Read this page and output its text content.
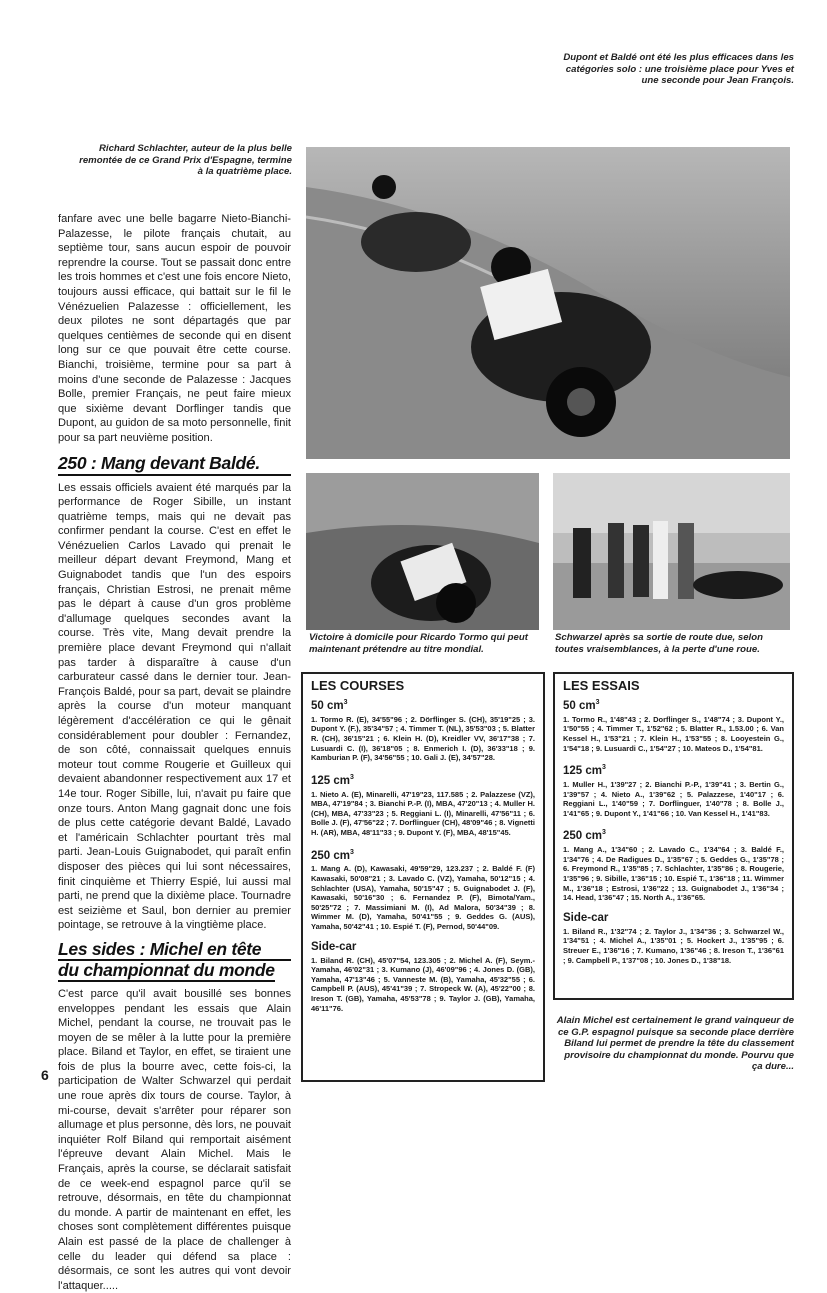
Dupont et Baldé ont été les plus efficaces dans les catégories solo : une troisième place pour Yves et une seconde pour Jean François.
Richard Schlachter, auteur de la plus belle remontée de ce Grand Prix d'Espagne, termine à la quatrième place.
Victoire à domicile pour Ricardo Tormo qui peut maintenant prétendre au titre mondial.
Schwarzel après sa sortie de route due, selon toutes vraisemblances, à la perte d'une roue.

fanfare avec une belle bagarre Nieto-Bianchi-Palazesse, le pilote français chutait, au septième tour, sans aucun espoir de pouvoir reprendre la course. Tout se passait donc entre les trois hommes et c'est une fois encore Nieto, toujours aussi efficace, qui battait sur le fil le Vénézuelien Palazesse : officiellement, les deux pilotes ne sont départagés que par quelques centièmes de seconde qui en disent long sur ce que pouvait être cette course. Bianchi, troisième, termine pour sa part à moins d'une seconde de Palazesse : Jacques Bolle, premier Français, ne peut faire mieux que sixième devant Dorflinger tandis que Dupont, au guidon de sa moto personnelle, finit pour sa part neuvième position.

250 : Mang devant Baldé.

Les essais officiels avaient été marqués par la performance de Roger Sibille, un instant quatrième temps, mais qui ne devait pas confirmer pendant la course. C'est en effet le Vénézuelien Carlos Lavado qui prenait le meilleur départ devant Freymond, Mang et Guignabodet tandis que l'un des espoirs français, Christian Estrosi, ne prenait même pas le départ à cause d'un gros problème d'allumage quelques secondes avant la course. Très vite, Mang devait prendre la première place devant Freymond qui n'allait pas tarder à disparaître à cause d'un carburateur cassé dans le dernier tour. Jean-François Baldé, pour sa part, devait se plaindre après la course d'un moteur manquant légèrement d'accélération ce qui le gênait considérablement pour doubler : Fernandez, de son côté, connaissait quelques ennuis moteur tout comme Rougerie et Guilleux qui devaient abandonner respectivement aux 17 et 14e tour. Roger Sibille, lui, n'avait pu faire que onze tours. Anton Mang gagnait donc une fois de plus cette catégorie devant Baldé, Lavado et l'américain Schlachter pourtant très mal parti. Jean-Louis Guignabodet, qui paraît enfin disposer des pièces qui lui sont nécessaires, finit cinquième et Thierry Espié, lui aussi mal parti, ne prend que la dixième place. Tournadre est seizième et Saul, bon dernier au premier pointage, se retrouve à la vingtième place.

Les sides : Michel en tête
du championnat du monde

C'est parce qu'il avait bousillé ses bonnes enveloppes pendant les essais que Alain Michel, pendant la course, ne trouvait pas le moyen de se mêler à la lutte pour la première place. Biland et Taylor, en effet, se tiraient une fois de plus la bourre avec, cette fois-ci, la participation de Walter Schwarzel qui perdait une roue après dix tours de course. Taylor, à mi-course, devait s'arrêter pour réparer son allumage et plus personne, dès lors, ne pouvait inquiéter Rolf Biland qui remportait aisément l'épreuve devant Alain Michel. Mais le Français, après la course, se déclarait satisfait de ce week-end espagnol parce qu'il se retrouve, désormais, en tête du championnat du monde. A partir de maintenant en effet, les choses sont complètement différentes puisque Alain est passé de la place de challenger à celle du leader qui défend sa place : désormais, ce sont les autres qui vont devoir l'attaquer.....

LES COURSES
50 $cm^3$
1. Tormo R. (E), 34'55"96 ; 2. Dörflinger S. (CH), 35'19"25 ; 3. Dupont Y. (F.), 35'34"57 ; 4. Timmer T. (NL), 35'53"03 ; 5. Blatter R. (CH), 36'15"21 ; 6. Klein H. (D), Kreidler VV, 36'17"38 ; 7. Lusuardi C. (I), 36'18"05 ; 8. Enmerich I. (D), 36'33"18 ; 9. Kamburian P. (F), 34'56"55 ; 10. Gali J. (E), 34'57"28.
125 $cm^3$
1. Nieto A. (E), Minarelli, 47'19"23, 117.585 ; 2. Palazzese (VZ), MBA, 47'19"84 ; 3. Bianchi P.-P. (I), MBA, 47'20"13 ; 4. Muller H. (CH), MBA, 47'33"23 ; 5. Reggiani L. (I), Minarelli, 47'56"11 ; 6. Bolle J. (F), 47'56"22 ; 7. Dorflinguer (CH), 48'09"46 ; 8. Vignetti H. (AR), MBA, 48'11"33 ; 9. Dupont Y. (F), MBA, 48'15"45.
250 $cm^3$
1. Mang A. (D), Kawasaki, 49'59"29, 123.237 ; 2. Baldé F. (F) Kawasaki, 50'08"21 ; 3. Lavado C. (VZ), Yamaha, 50'12"15 ; 4. Schlachter (USA), Yamaha, 50'15"47 ; 5. Guignabodet J. (F), Kawasaki, 50'16"30 ; 6. Fernandez P. (F), Bimota/Yam., 50'25"72 ; 7. Massimiani M. (I), Ad Malora, 50'34"39 ; 8. Wimmer M. (D), Yamaha, 50'41"55 ; 9. Geddes G. (AUS), Yamaha, 50'42"41 ; 10. Espié T. (F), Pernod, 50'44"09.
Side-car
1. Biland R. (CH), 45'07"54, 123.305 ; 2. Michel A. (F), Seym.-Yamaha, 46'02"31 ; 3. Kumano (J), 46'09"96 ; 4. Jones D. (GB), Yamaha, 47'13"46 ; 5. Vanneste M. (B), Yamaha, 45'32"55 ; 6. Campbell P. (AUS), 45'41"39 ; 7. Stropeck W. (A), 45'22"00 ; 8. Ireson T. (GB), Yamaha, 45'53"78 ; 9. Taylor J. (GB), Yamaha, 46'11"76.
LES ESSAIS
50 $cm^3$
1. Tormo R., 1'48"43 ; 2. Dorflinger S., 1'48"74 ; 3. Dupont Y., 1'50"55 ; 4. Timmer T., 1'52"62 ; 5. Blatter R., 1.53.00 ; 6. Van Kessel H., 1'53"21 ; 7. Klein H., 1'53"55 ; 8. Looyestein G., 1'54"18 ; 9. Lusuardi C., 1'54"27 ; 10. Mateos D., 1'54"81.
125 $cm^3$
1. Muller H., 1'39"27 ; 2. Bianchi P.-P., 1'39"41 ; 3. Bertin G., 1'39"57 ; 4. Nieto A., 1'39"62 ; 5. Palazzese, 1'40"17 ; 6. Reggiani L., 1'40"59 ; 7. Dorflinguer, 1'40"78 ; 8. Bolle J., 1'41"65 ; 9. Dupont Y., 1'41"66 ; 10. Van Kessel H., 1'41"83.
250 $cm^3$
1. Mang A., 1'34"60 ; 2. Lavado C., 1'34"64 ; 3. Baldé F., 1'34"76 ; 4. De Radigues D., 1'35"67 ; 5. Geddes G., 1'35"78 ; 6. Freymond R., 1'35"85 ; 7. Schlachter, 1'35"86 ; 8. Rougerie, 1'35"96 ; 9. Sibille, 1'36"15 ; 10. Espié T., 1'36"18 ; 11. Wimmer M., 1'36"18 ; Estrosi, 1'36"22 ; 13. Guignabodet J., 1'36"34 ; 14. Head, 1'36"47 ; 15. North A., 1'36"65.
Side-car
1. Biland R., 1'32"74 ; 2. Taylor J., 1'34"36 ; 3. Schwarzel W., 1'34"51 ; 4. Michel A., 1'35"01 ; 5. Hockert J., 1'35"95 ; 6. Streuer E., 1'36"16 ; 7. Kumano, 1'36"46 ; 8. Ireson T., 1'36"61 ; 9. Campbell P., 1'37"08 ; 10. Jones D., 1'38"18.
Alain Michel est certainement le grand vainqueur de ce G.P. espagnol puisque sa seconde place derrière Biland lui permet de prendre la tête du classement provisoire du championnat du monde. Pourvu que ça dure...
6
